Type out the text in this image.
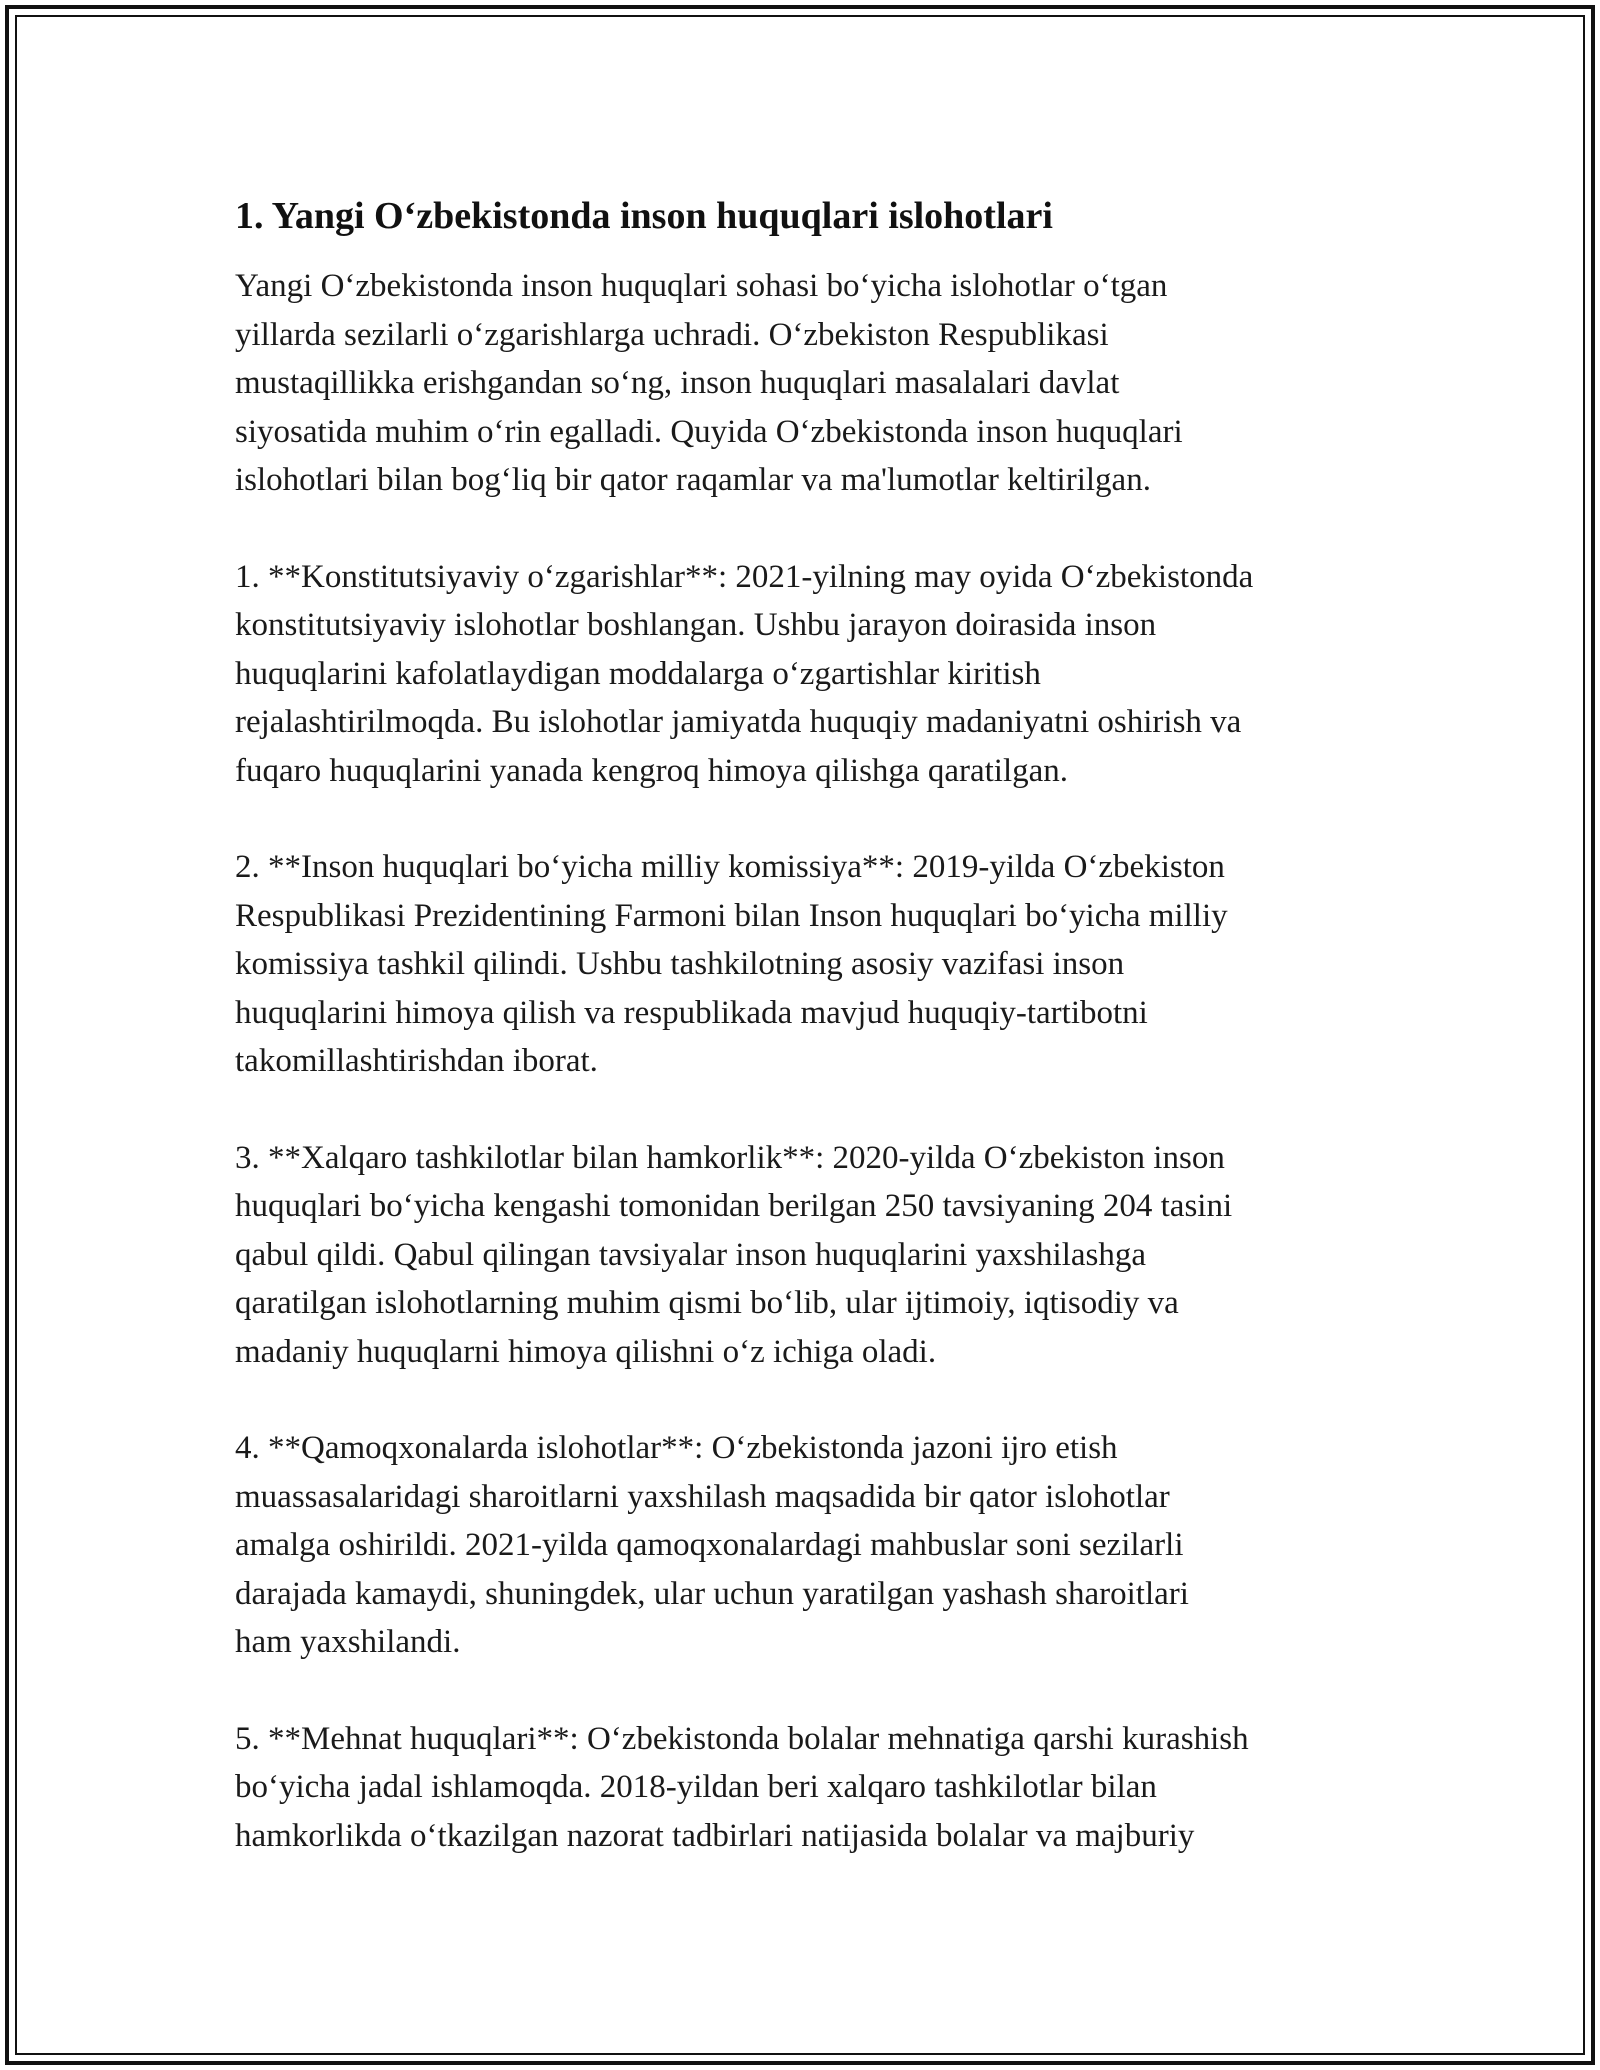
1. Yangi O‘zbekistonda inson huquqlari islohotlari

Yangi O‘zbekistonda inson huquqlari sohasi bo‘yicha islohotlar o‘tgan
yillarda sezilarli o‘zgarishlarga uchradi. O‘zbekiston Respublikasi
mustaqillikka erishgandan so‘ng, inson huquqlari masalalari davlat
siyosatida muhim o‘rin egalladi. Quyida O‘zbekistonda inson huquqlari
islohotlari bilan bog‘liq bir qator raqamlar va ma'lumotlar keltirilgan.

1. **Konstitutsiyaviy o‘zgarishlar**: 2021-yilning may oyida O‘zbekistonda
konstitutsiyaviy islohotlar boshlangan. Ushbu jarayon doirasida inson
huquqlarini kafolatlaydigan moddalarga o‘zgartishlar kiritish
rejalashtirilmoqda. Bu islohotlar jamiyatda huquqiy madaniyatni oshirish va
fuqaro huquqlarini yanada kengroq himoya qilishga qaratilgan.

2. **Inson huquqlari bo‘yicha milliy komissiya**: 2019-yilda O‘zbekiston
Respublikasi Prezidentining Farmoni bilan Inson huquqlari bo‘yicha milliy
komissiya tashkil qilindi. Ushbu tashkilotning asosiy vazifasi inson
huquqlarini himoya qilish va respublikada mavjud huquqiy-tartibotni
takomillashtirishdan iborat.

3. **Xalqaro tashkilotlar bilan hamkorlik**: 2020-yilda O‘zbekiston inson
huquqlari bo‘yicha kengashi tomonidan berilgan 250 tavsiyaning 204 tasini
qabul qildi. Qabul qilingan tavsiyalar inson huquqlarini yaxshilashga
qaratilgan islohotlarning muhim qismi bo‘lib, ular ijtimoiy, iqtisodiy va
madaniy huquqlarni himoya qilishni o‘z ichiga oladi.

4. **Qamoqxonalarda islohotlar**: O‘zbekistonda jazoni ijro etish
muassasalaridagi sharoitlarni yaxshilash maqsadida bir qator islohotlar
amalga oshirildi. 2021-yilda qamoqxonalardagi mahbuslar soni sezilarli
darajada kamaydi, shuningdek, ular uchun yaratilgan yashash sharoitlari
ham yaxshilandi.

5. **Mehnat huquqlari**: O‘zbekistonda bolalar mehnatiga qarshi kurashish
bo‘yicha jadal ishlamoqda. 2018-yildan beri xalqaro tashkilotlar bilan
hamkorlikda o‘tkazilgan nazorat tadbirlari natijasida bolalar va majburiy
